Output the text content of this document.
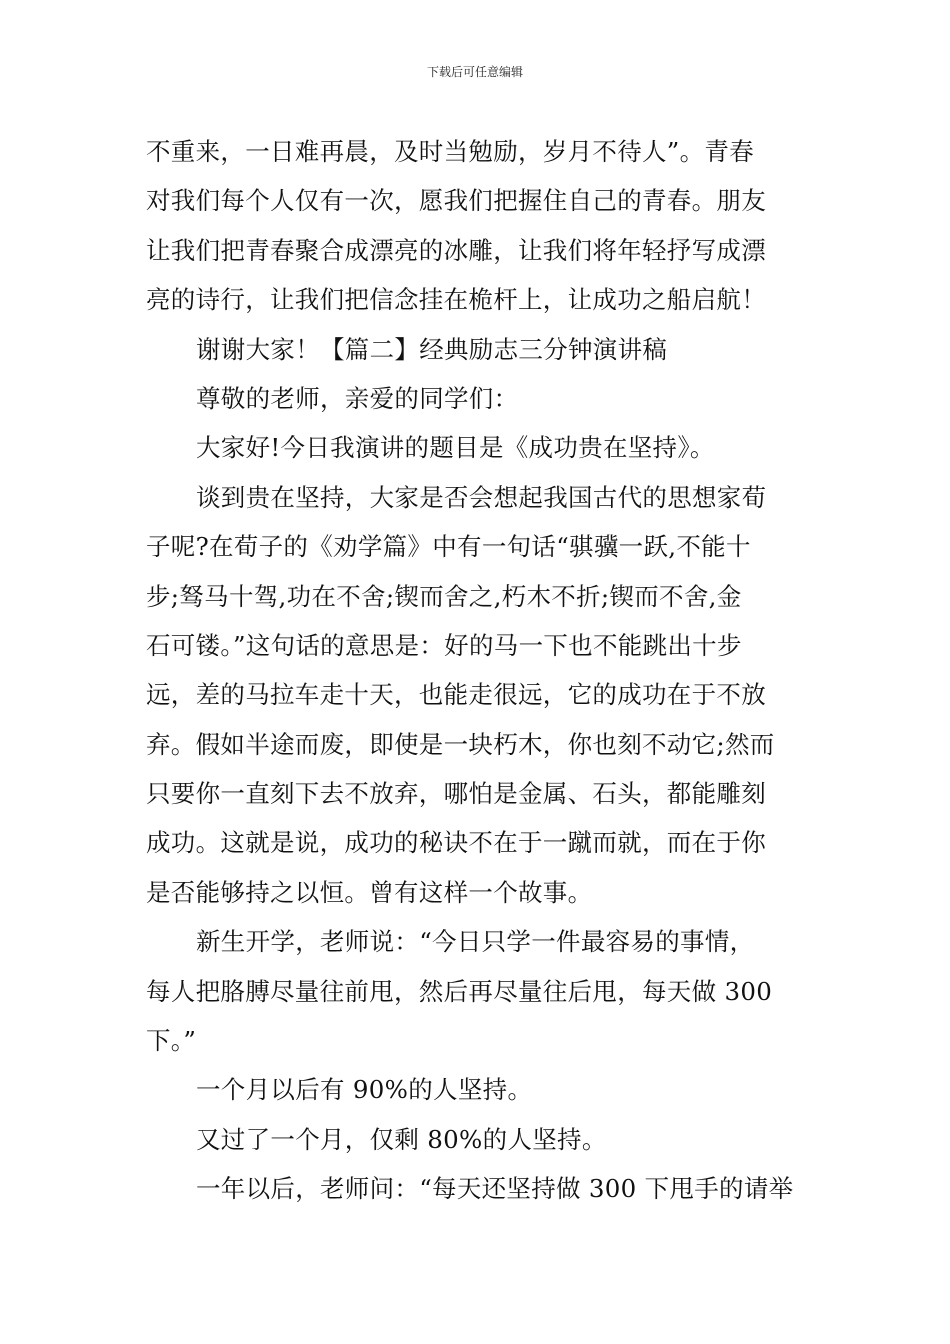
下载后可任意编辑
不重来，一日难再晨，及时当勉励，岁月不待人”。青春
对我们每个人仅有一次，愿我们把握住自己的青春。朋友
让我们把青春聚合成漂亮的冰雕，让我们将年轻抒写成漂
亮的诗行，让我们把信念挂在桅杆上，让成功之船启航！
谢谢大家！【篇二】经典励志三分钟演讲稿
尊敬的老师，亲爱的同学们：
大家好!今日我演讲的题目是《成功贵在坚持》。
谈到贵在坚持，大家是否会想起我国古代的思想家荀
子呢?在荀子的《劝学篇》中有一句话“骐骥一跃,不能十
步;驽马十驾,功在不舍;锲而舍之,朽木不折;锲而不舍,金
石可镂。”这句话的意思是：好的马一下也不能跳出十步
远，差的马拉车走十天，也能走很远，它的成功在于不放
弃。假如半途而废，即使是一块朽木，你也刻不动它;然而
只要你一直刻下去不放弃，哪怕是金属、石头，都能雕刻
成功。这就是说，成功的秘诀不在于一蹴而就，而在于你
是否能够持之以恒。曾有这样一个故事。
新生开学，老师说：“今日只学一件最容易的事情，
每人把胳膊尽量往前甩，然后再尽量往后甩，每天做 300
下。”
一个月以后有 90%的人坚持。
又过了一个月，仅剩 80%的人坚持。
一年以后，老师问：“每天还坚持做 300 下甩手的请举
